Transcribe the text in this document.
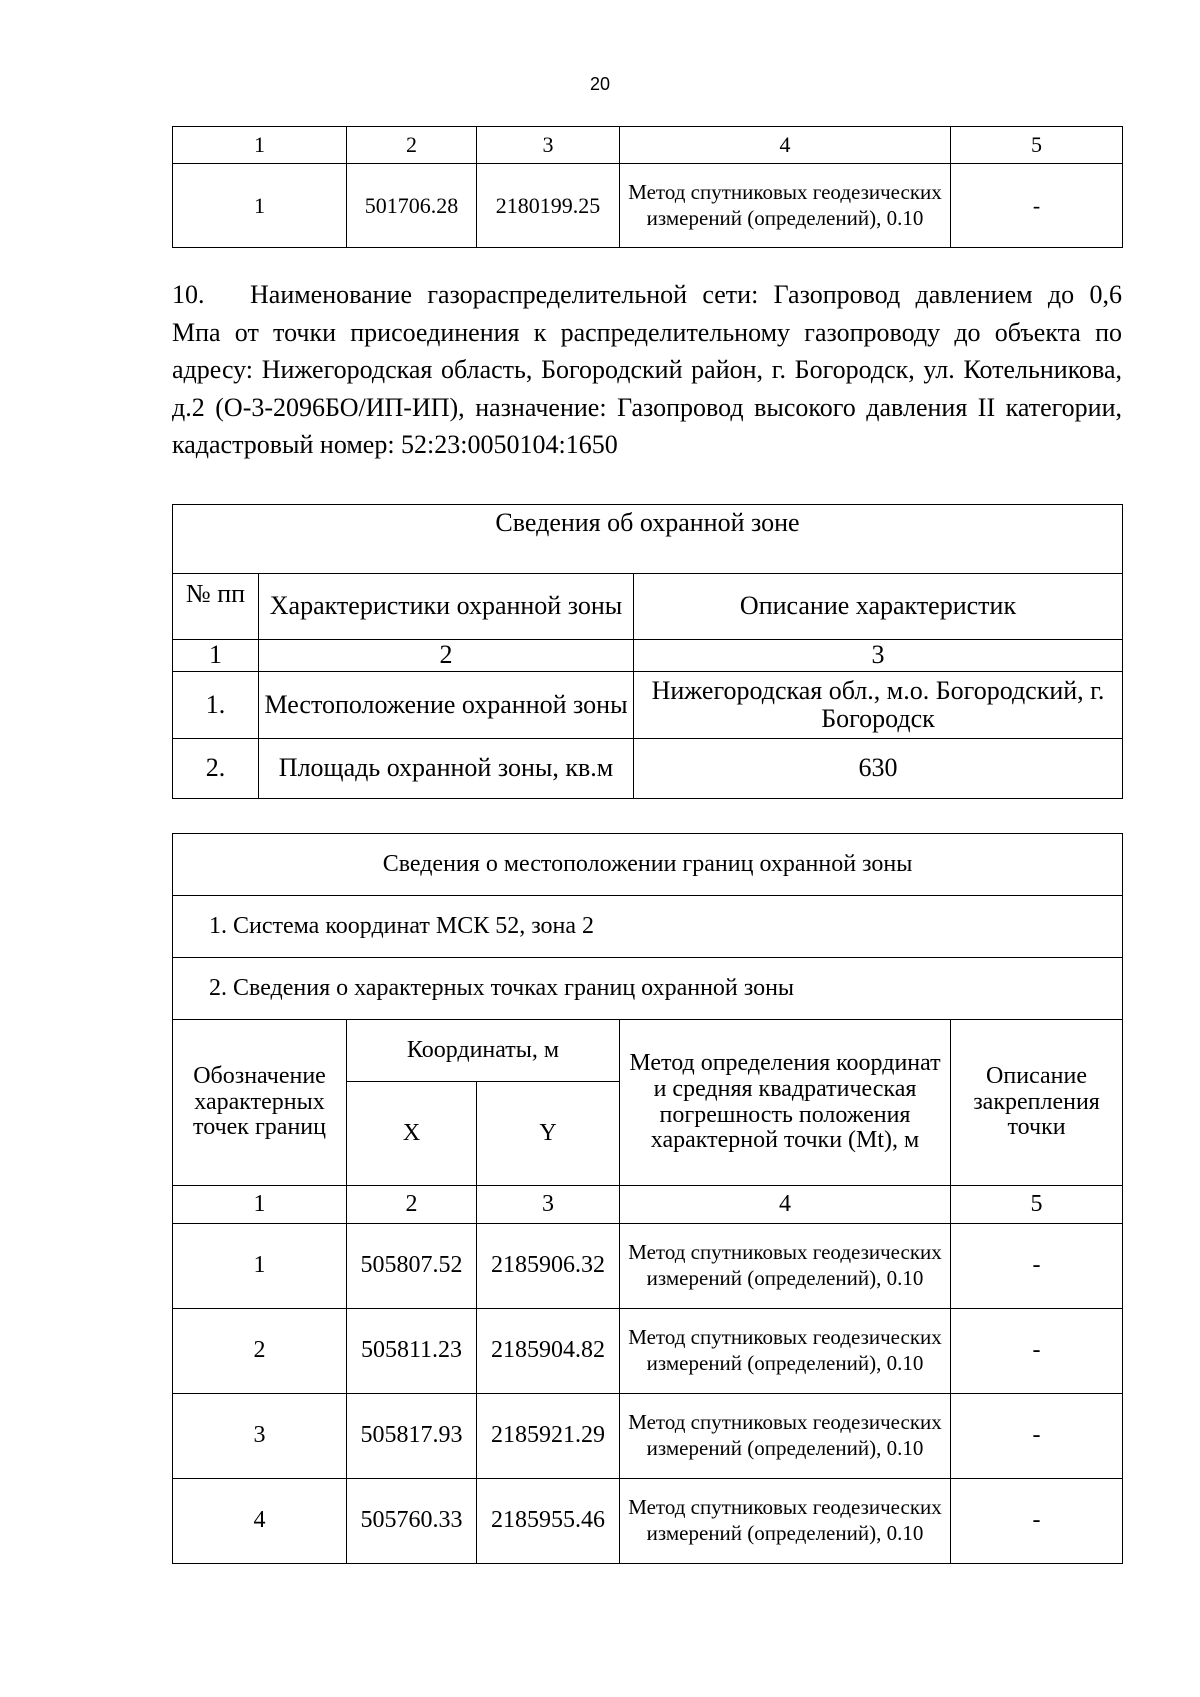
20
1	2	3	4	5
1	501706.28	2180199.25	Метод спутниковых геодезических измерений (определений), 0.10	-
10. Наименование газораспределительной сети: Газопровод давлением до 0,6 Мпа от точки присоединения к распределительному газопроводу до объекта по адресу: Нижегородская область, Богородский район, г. Богородск, ул. Котельникова, д.2 (О-3-2096БО/ИП-ИП), назначение: Газопровод высокого давления II категории, кадастровый номер: 52:23:0050104:1650
Сведения об охранной зоне		
№ пп	Характеристики охранной зоны	Описание характеристик
1	2	3
1.	Местоположение охранной зоны	Нижегородская обл., м.о. Богородский, г. Богородск
2.	Площадь охранной зоны, кв.м	630
Сведения о местоположении границ охранной зоны				
1. Система координат МСК 52, зона 2				
2. Сведения о характерных точках границ охранной зоны				
Обозначение характерных точек границ	Координаты, м		Метод определения координат и средняя квадратическая погрешность положения характерной точки (Mt), м	Описание закрепления точки
	X	Y		
1	2	3	4	5
1	505807.52	2185906.32	Метод спутниковых геодезических измерений (определений), 0.10	-
2	505811.23	2185904.82	Метод спутниковых геодезических измерений (определений), 0.10	-
3	505817.93	2185921.29	Метод спутниковых геодезических измерений (определений), 0.10	-
4	505760.33	2185955.46	Метод спутниковых геодезических измерений (определений), 0.10	-
